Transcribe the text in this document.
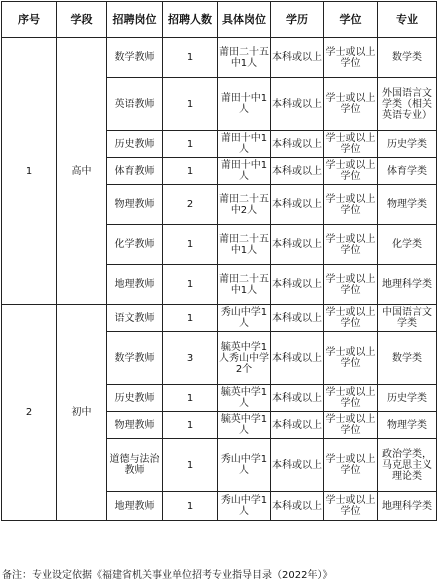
序号	学段	招聘岗位	招聘人数	具体岗位	学历	学位	专业
1	高中	数学教师	1	莆田二十五中1人	本科或以上	学士或以上学位	数学类
		英语教师	1	莆田十中1人	本科或以上	学士或以上学位	外国语言文学类（相关英语专业）
		历史教师	1	莆田十中1人	本科或以上	学士或以上学位	历史学类
		体育教师	1	莆田十中1人	本科或以上	学士或以上学位	体育学类
		物理教师	2	莆田二十五中2人	本科或以上	学士或以上学位	物理学类
		化学教师	1	莆田二十五中1人	本科或以上	学士或以上学位	化学类
		地理教师	1	莆田二十五中1人	本科或以上	学士或以上学位	地理科学类
2	初中	语文教师	1	秀山中学1人	本科或以上	学士或以上学位	中国语言文学类
		数学教师	3	毓英中学1人秀山中学2个	本科或以上	学士或以上学位	数学类
		历史教师	1	毓英中学1人	本科或以上	学士或以上学位	历史学类
		物理教师	1	毓英中学1人	本科或以上	学士或以上学位	物理学类
		道德与法治教师	1	秀山中学1人	本科或以上	学士或以上学位	政治学类，马克思主义理论类
		地理教师	1	秀山中学1人	本科或以上	学士或以上学位	地理科学类
备注：专业设定依据《福建省机关事业单位招考专业指导目录（2022年）》
